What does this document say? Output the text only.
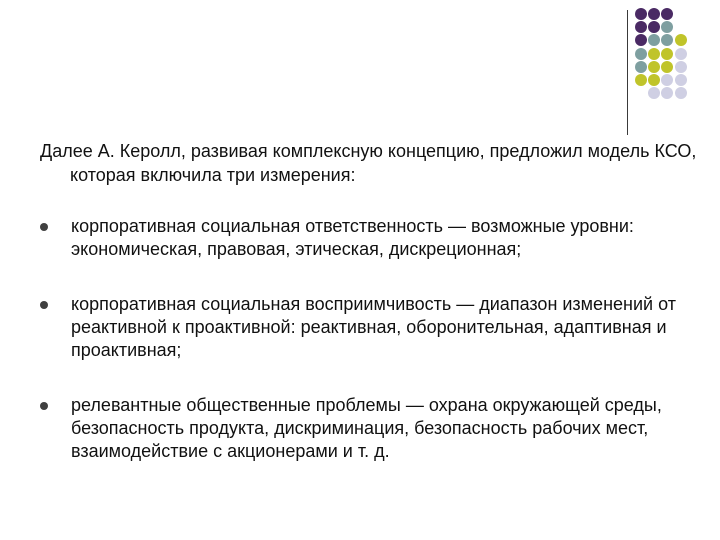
Далее А. Керолл, развивая комплексную концепцию, предложил модель КСО, которая включила три измерения:

корпоративная социальная ответственность — возможные уровни: экономическая, правовая, этическая, дискреционная;
корпоративная социальная восприимчивость — диапазон изменений от реактивной к проактивной: реактивная, оборонительная, адаптивная и проактивная;
релевантные общественные проблемы — охрана окружающей среды, безопасность продукта, дискриминация, безопасность рабочих мест, взаимодействие с акционерами и т. д.
